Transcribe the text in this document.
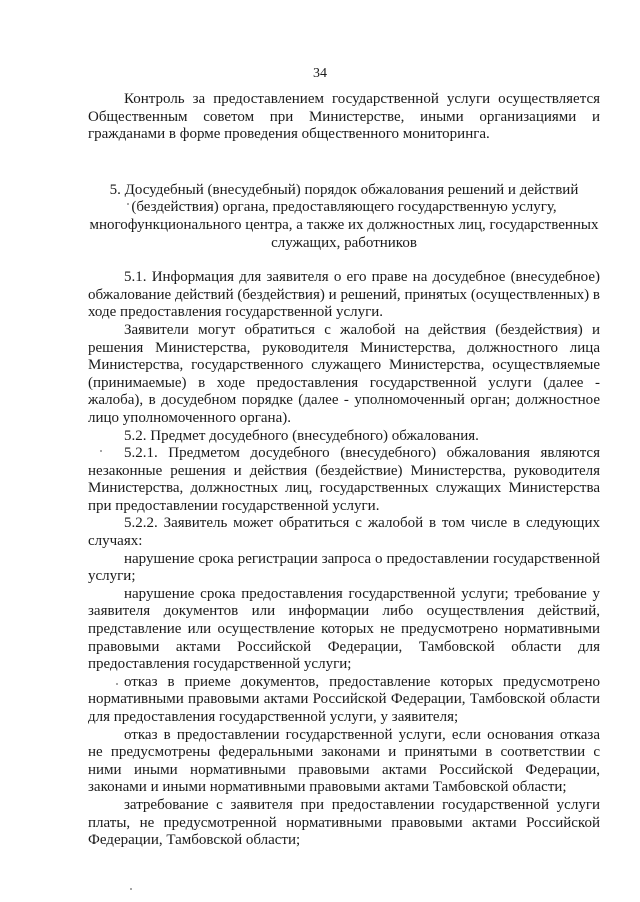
34

Контроль за предоставлением государственной услуги осуществляется Общественным советом при Министерстве, иными организациями и гражданами в форме проведения общественного мониторинга.

5. Досудебный (внесудебный) порядок обжалования решений и действий (бездействия) органа, предоставляющего государственную услугу, многофункционального центра, а также их должностных лиц, государственных служащих, работников

5.1. Информация для заявителя о его праве на досудебное (внесудебное) обжалование действий (бездействия) и решений, принятых (осуществленных) в ходе предоставления государственной услуги.

Заявители могут обратиться с жалобой на действия (бездействия) и решения Министерства, руководителя Министерства, должностного лица Министерства, государственного служащего Министерства, осуществляемые (принимаемые) в ходе предоставления государственной услуги (далее - жалоба), в досудебном порядке (далее - уполномоченный орган; должностное лицо уполномоченного органа).

5.2. Предмет досудебного (внесудебного) обжалования.

5.2.1. Предметом досудебного (внесудебного) обжалования являются незаконные решения и действия (бездействие) Министерства, руководителя Министерства, должностных лиц, государственных служащих Министерства при предоставлении государственной услуги.

5.2.2. Заявитель может обратиться с жалобой в том числе в следующих случаях:

нарушение срока регистрации запроса о предоставлении государственной услуги;

нарушение срока предоставления государственной услуги; требование у заявителя документов или информации либо осуществления действий, представление или осуществление которых не предусмотрено нормативными правовыми актами Российской Федерации, Тамбовской области для предоставления государственной услуги;

отказ в приеме документов, предоставление которых предусмотрено нормативными правовыми актами Российской Федерации, Тамбовской области для предоставления государственной услуги, у заявителя;

отказ в предоставлении государственной услуги, если основания отказа не предусмотрены федеральными законами и принятыми в соответствии с ними иными нормативными правовыми актами Российской Федерации, законами и иными нормативными правовыми актами Тамбовской области;

затребование с заявителя при предоставлении государственной услуги платы, не предусмотренной нормативными правовыми актами Российской Федерации, Тамбовской области;
